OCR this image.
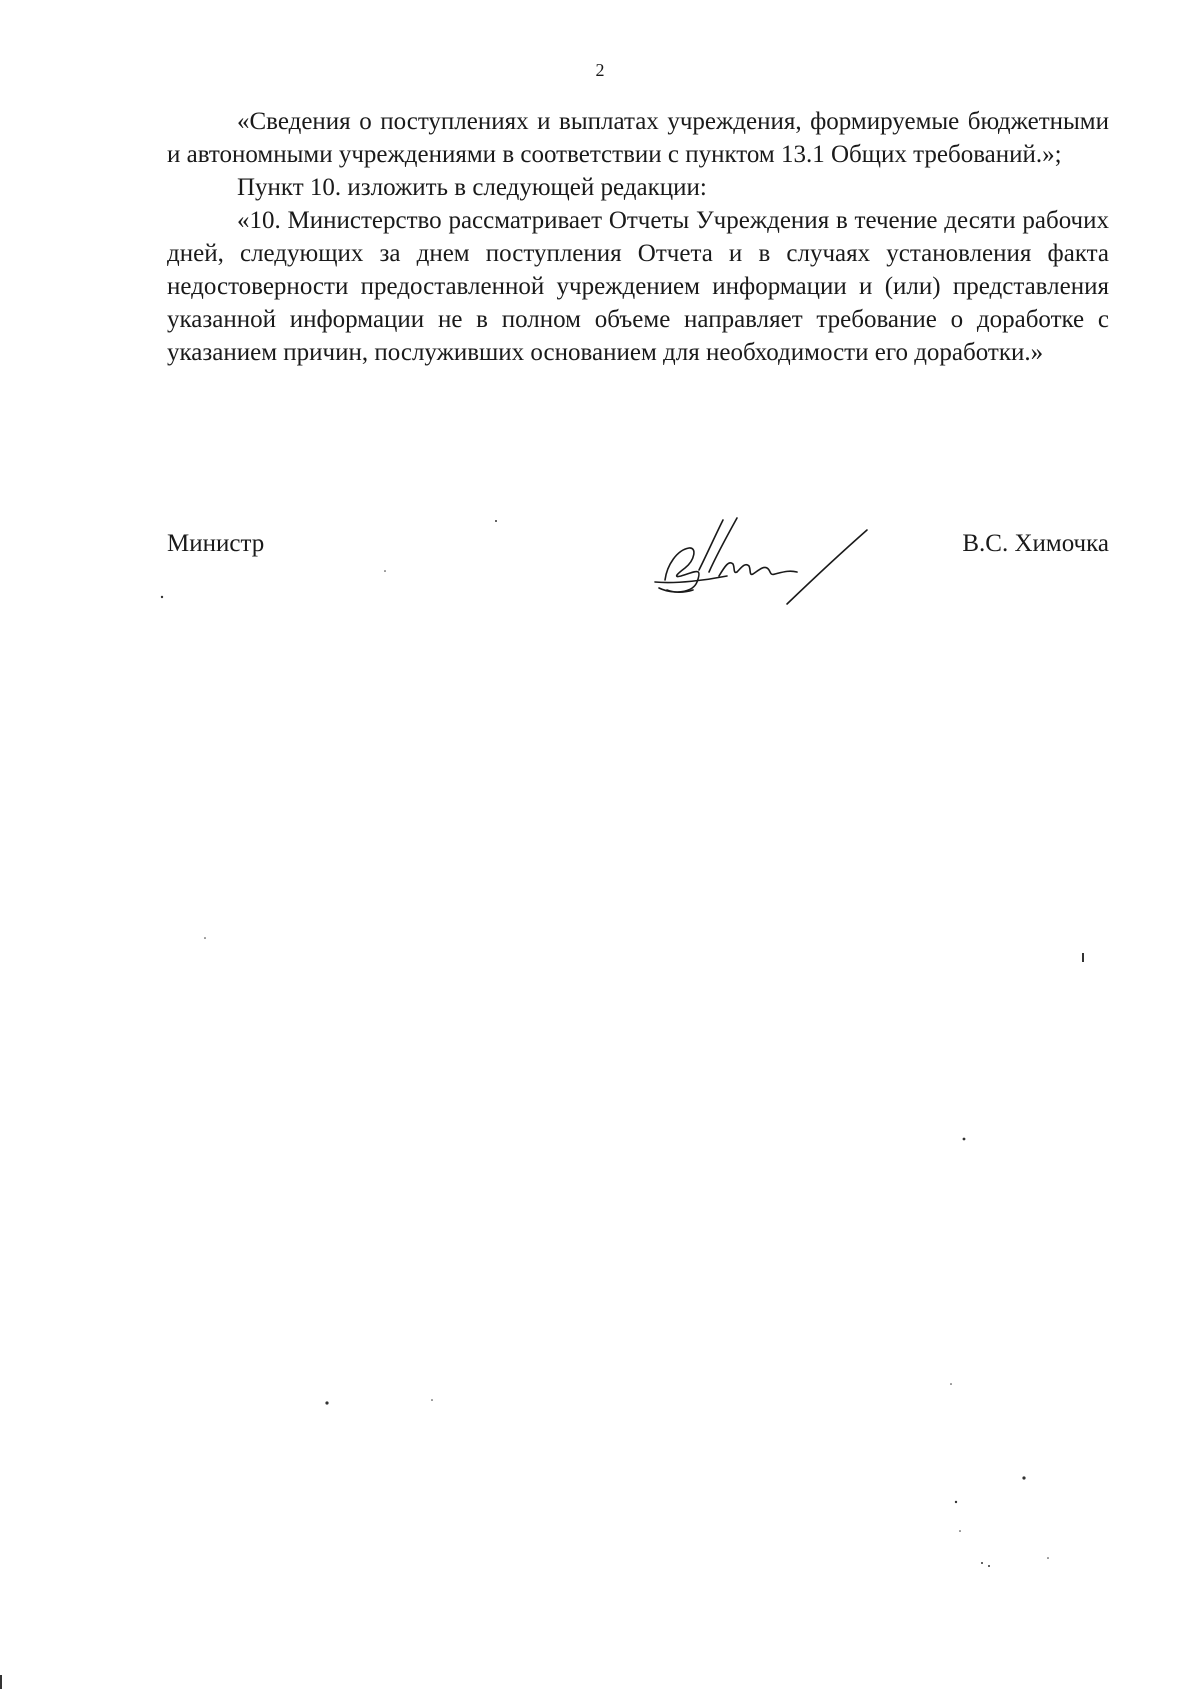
2

«Сведения о поступлениях и выплатах учреждения, формируемые бюджетными и автономными учреждениями в соответствии с пунктом 13.1 Общих требований.»;

Пункт 10. изложить в следующей редакции:

«10. Министерство рассматривает Отчеты Учреждения в течение десяти рабочих дней, следующих за днем поступления Отчета и в случаях установления факта недостоверности предоставленной учреждением информации и (или) представления указанной информации не в полном объеме направляет требование о доработке с указанием причин, послуживших основанием для необходимости его доработки.»

Министр	В.С. Химочка
